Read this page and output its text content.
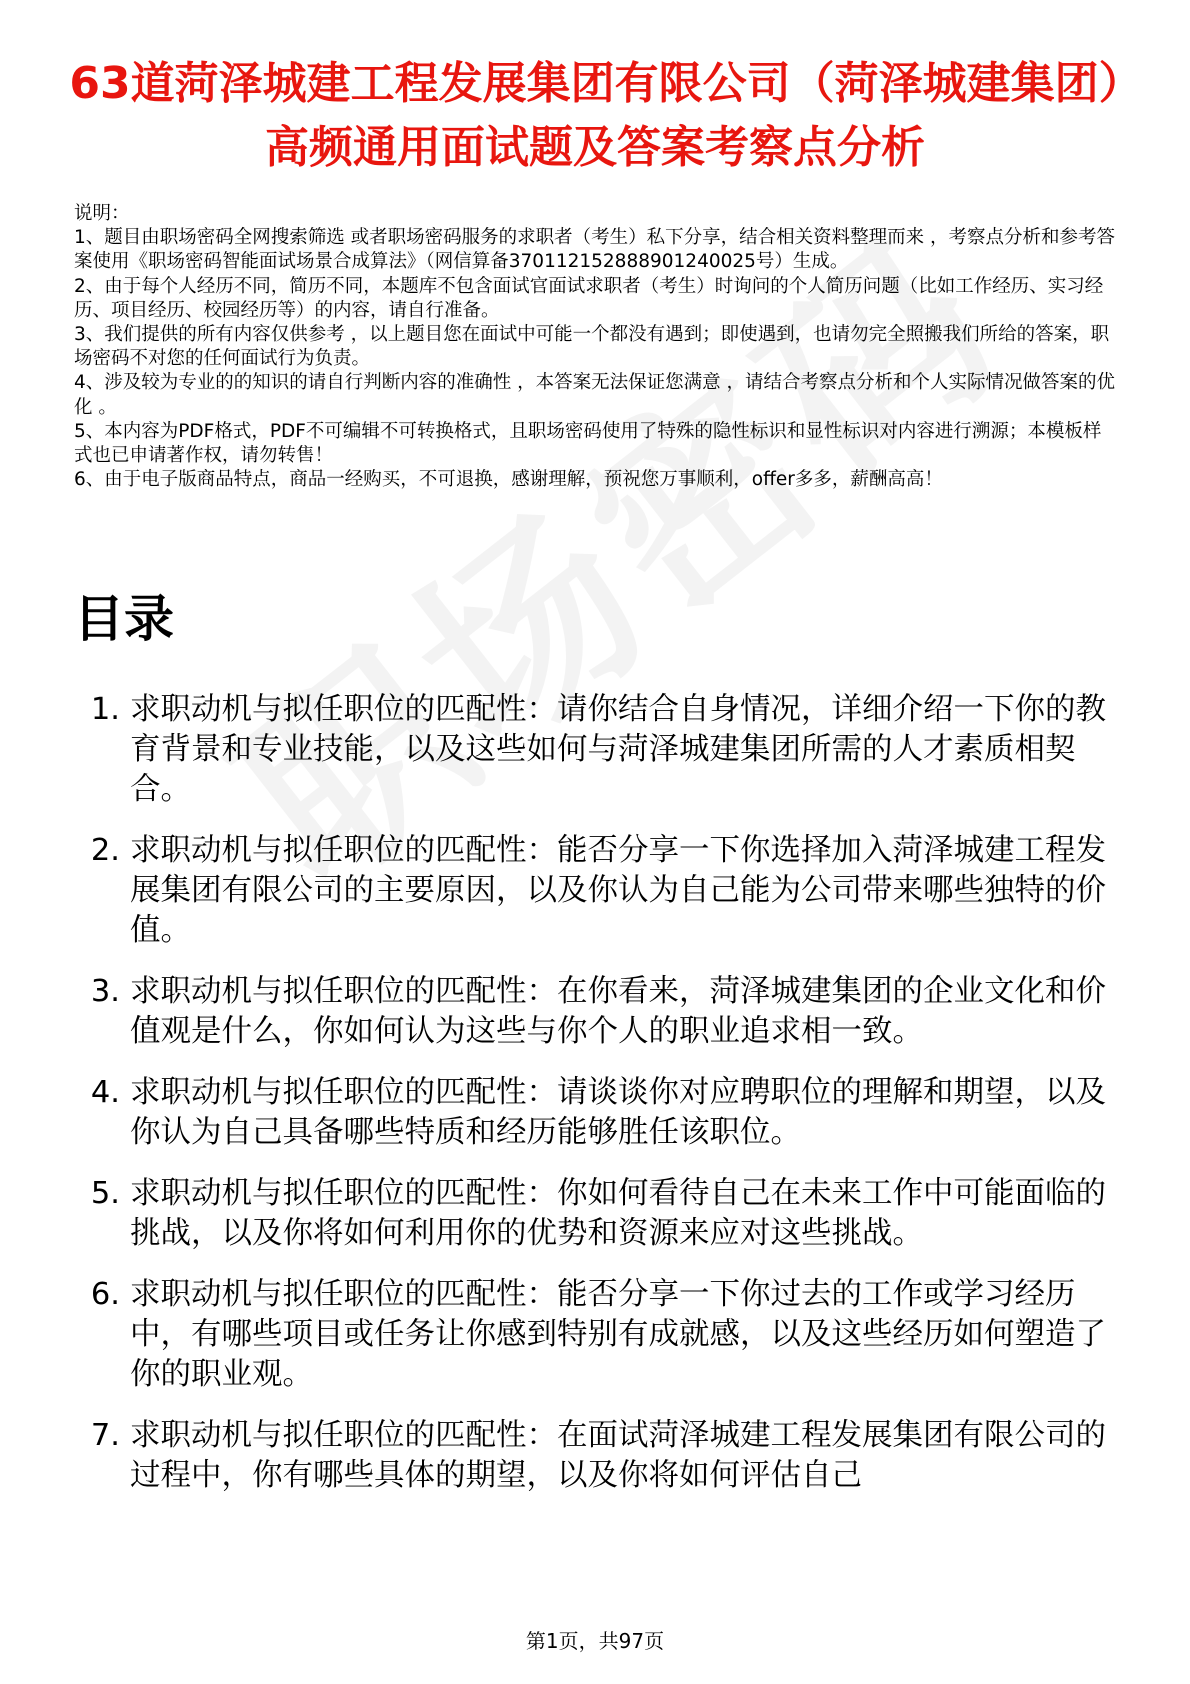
63道菏泽城建工程发展集团有限公司（菏泽城建集团）高频通用面试题及答案考察点分析

说明：

1、题目由职场密码全网搜索筛选 或者职场密码服务的求职者（考生）私下分享，结合相关资料整理而来 ，考察点分析和参考答案使用《职场密码智能面试场景合成算法》（网信算备370112152888901240025号）生成。

2、由于每个人经历不同，简历不同，本题库不包含面试官面试求职者（考生）时询问的个人简历问题（比如工作经历、实习经历、项目经历、校园经历等）的内容，请自行准备。

3、我们提供的所有内容仅供参考 ，以上题目您在面试中可能一个都没有遇到；即使遇到，也请勿完全照搬我们所给的答案，职场密码不对您的任何面试行为负责。

4、涉及较为专业的的知识的请自行判断内容的准确性 ，本答案无法保证您满意 ，请结合考察点分析和个人实际情况做答案的优化 。

5、本内容为PDF格式，PDF不可编辑不可转换格式，且职场密码使用了特殊的隐性标识和显性标识对内容进行溯源；本模板样式也已申请著作权，请勿转售！

6、由于电子版商品特点，商品一经购买，不可退换，感谢理解，预祝您万事顺利，offer多多，薪酬高高！

目录
1. 求职动机与拟任职位的匹配性：请你结合自身情况，详细介绍一下你的教育背景和专业技能，以及这些如何与菏泽城建集团所需的人才素质相契合。
2. 求职动机与拟任职位的匹配性：能否分享一下你选择加入菏泽城建工程发展集团有限公司的主要原因，以及你认为自己能为公司带来哪些独特的价值。
3. 求职动机与拟任职位的匹配性：在你看来，菏泽城建集团的企业文化和价值观是什么，你如何认为这些与你个人的职业追求相一致。
4. 求职动机与拟任职位的匹配性：请谈谈你对应聘职位的理解和期望，以及你认为自己具备哪些特质和经历能够胜任该职位。
5. 求职动机与拟任职位的匹配性：你如何看待自己在未来工作中可能面临的挑战，以及你将如何利用你的优势和资源来应对这些挑战。
6. 求职动机与拟任职位的匹配性：能否分享一下你过去的工作或学习经历中，有哪些项目或任务让你感到特别有成就感，以及这些经历如何塑造了你的职业观。
7. 求职动机与拟任职位的匹配性：在面试菏泽城建工程发展集团有限公司的过程中，你有哪些具体的期望，以及你将如何评估自己
第1页，共97页
